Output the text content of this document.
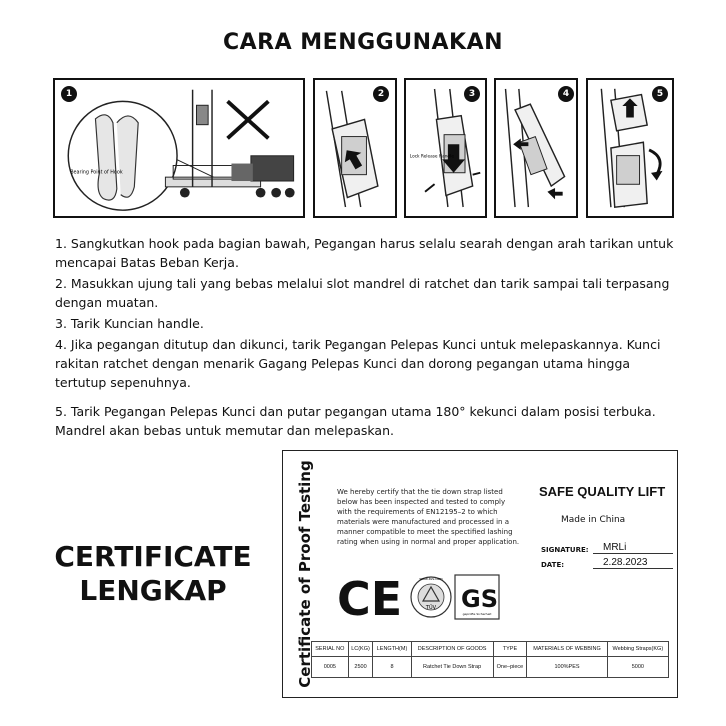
CARA MENGGUNAKAN
1
Bearing Point of Hook
2	3
Lock Release Handle
4	5

1. Sangkutkan hook pada bagian bawah, Pegangan harus selalu searah dengan arah tarikan untuk mencapai Batas Beban Kerja.

2. Masukkan ujung tali yang bebas melalui slot mandrel di ratchet dan tarik sampai tali terpasang dengan muatan.

3. Tarik Kuncian handle.

4. Jika pegangan ditutup dan dikunci, tarik Pegangan Pelepas Kunci untuk melepaskannya. Kunci rakitan ratchet dengan menarik Gagang Pelepas Kunci dan dorong pegangan utama hingga tertutup sepenuhnya.

5. Tarik Pegangan Pelepas Kunci dan putar pegangan utama 180° kekunci dalam posisi terbuka. Mandrel akan bebas untuk memutar dan melepaskan.

CERTIFICATE
LENGKAP	Certificate of Proof Testing	We hereby certify that the tie down strap listed below has been inspected and tested to comply with the requirements of EN12195–2 to which materials were manufactured and processed in a manner compatible to meet the spectified lashing rating when using in normal and proper application.
SAFE QUALITY LIFT
Made in China
SIGNATURE:	MRLi
DATE:	2.28.2023
CE	TÜV
www.tuv.com
GS
geprüfte Sicherheit
SERIAL NO	LC(KG)	LENGTH(M)	DESCRIPTION OF GOODS	TYPE	MATERIALS OF WEBBING	Webbing Straps(KG)
0005	2500	8	Ratchet Tie Down Strap	One–piece	100%PES	5000
